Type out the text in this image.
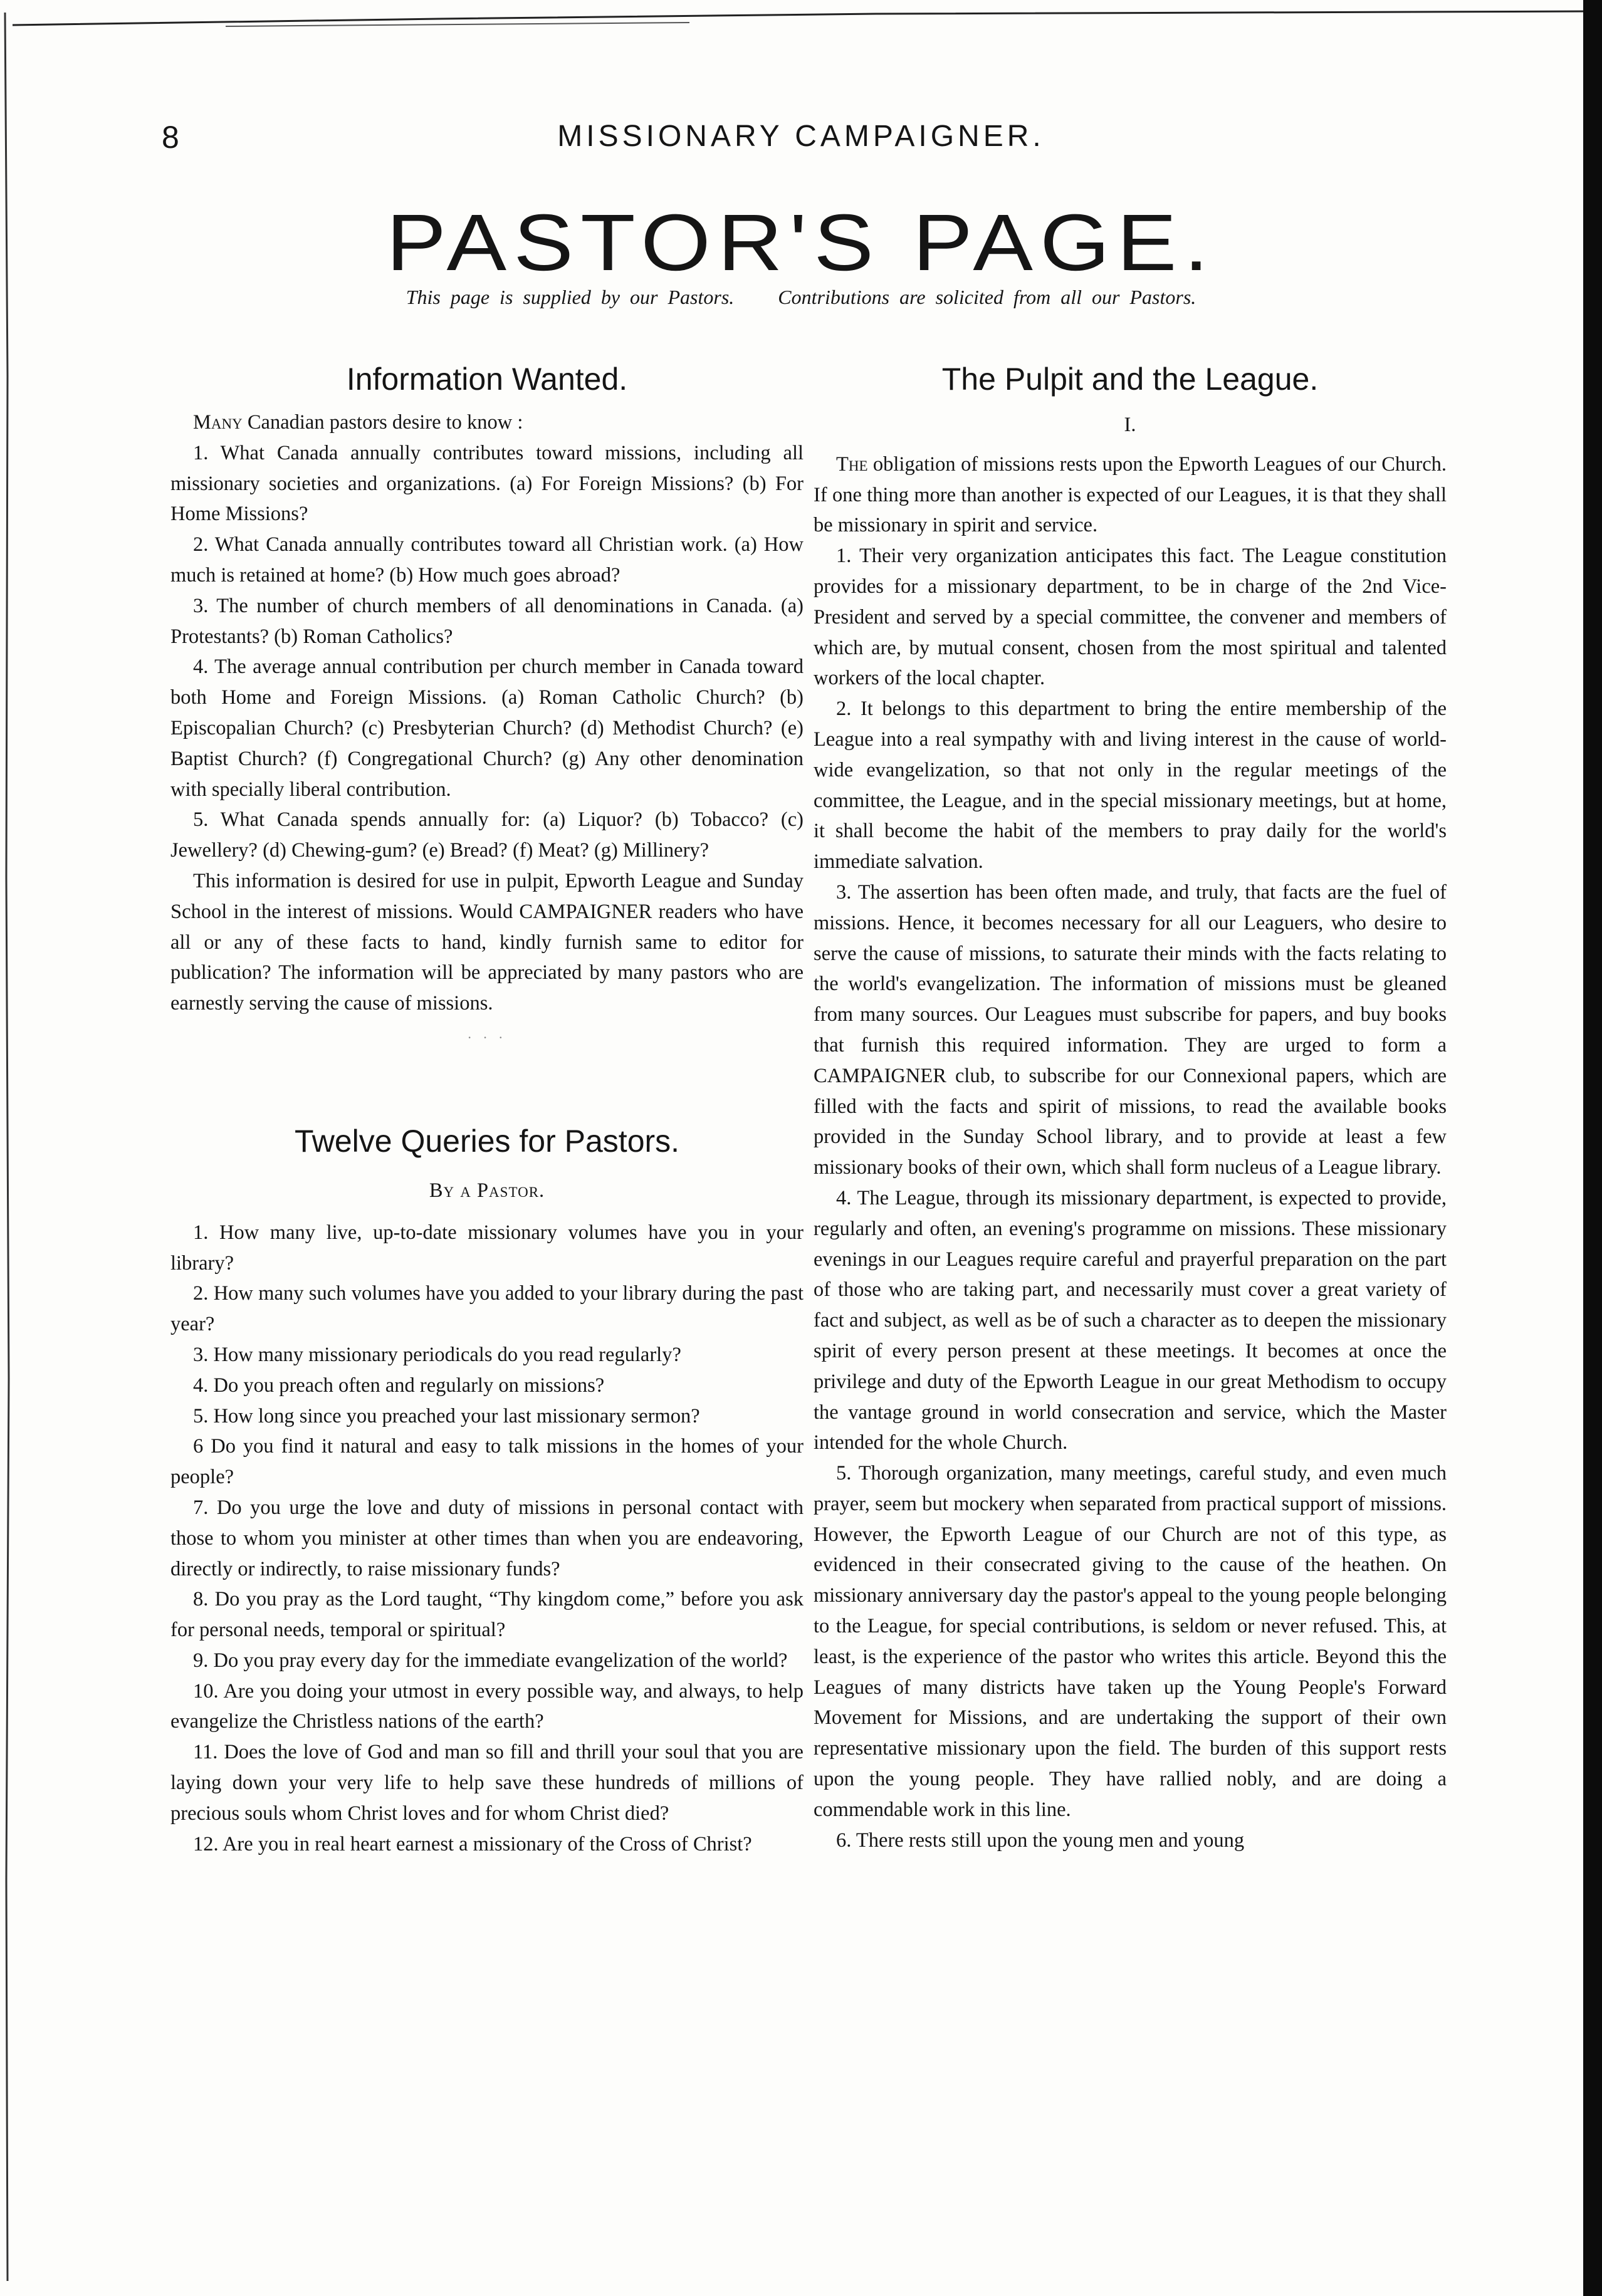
8	MISSIONARY CAMPAIGNER.
PASTOR'S PAGE.
This page is supplied by our Pastors. Contributions are solicited from all our Pastors.
Information Wanted.

Many Canadian pastors desire to know :

1. What Canada annually contributes toward missions, including all missionary societies and organizations. (a) For Foreign Missions? (b) For Home Missions?

2. What Canada annually contributes toward all Christian work. (a) How much is retained at home? (b) How much goes abroad?

3. The number of church members of all denominations in Canada. (a) Protestants? (b) Roman Catholics?

4. The average annual contribution per church member in Canada toward both Home and Foreign Missions. (a) Roman Catholic Church? (b) Episcopalian Church? (c) Presbyterian Church? (d) Methodist Church? (e) Baptist Church? (f) Congregational Church? (g) Any other denomination with specially liberal contribution.

5. What Canada spends annually for: (a) Liquor? (b) Tobacco? (c) Jewellery? (d) Chewing-gum? (e) Bread? (f) Meat? (g) Millinery?

This information is desired for use in pulpit, Epworth League and Sunday School in the interest of missions. Would CAMPAIGNER readers who have all or any of these facts to hand, kindly furnish same to editor for publication? The information will be appreciated by many pastors who are earnestly serving the cause of missions.

· · ·
Twelve Queries for Pastors.

By a Pastor.

1. How many live, up-to-date missionary volumes have you in your library?

2. How many such volumes have you added to your library during the past year?

3. How many missionary periodicals do you read regularly?

4. Do you preach often and regularly on missions?

5. How long since you preached your last missionary sermon?

6 Do you find it natural and easy to talk missions in the homes of your people?

7. Do you urge the love and duty of missions in personal contact with those to whom you minister at other times than when you are endeavoring, directly or indirectly, to raise missionary funds?

8. Do you pray as the Lord taught, “Thy kingdom come,” before you ask for personal needs, temporal or spiritual?

9. Do you pray every day for the immediate evangelization of the world?

10. Are you doing your utmost in every possible way, and always, to help evangelize the Christless nations of the earth?

11. Does the love of God and man so fill and thrill your soul that you are laying down your very life to help save these hundreds of millions of precious souls whom Christ loves and for whom Christ died?

12. Are you in real heart earnest a missionary of the Cross of Christ?

The Pulpit and the League.

I.

The obligation of missions rests upon the Epworth Leagues of our Church. If one thing more than another is expected of our Leagues, it is that they shall be missionary in spirit and service.

1. Their very organization anticipates this fact. The League constitution provides for a missionary department, to be in charge of the 2nd Vice-President and served by a special committee, the convener and members of which are, by mutual consent, chosen from the most spiritual and talented workers of the local chapter.

2. It belongs to this department to bring the entire membership of the League into a real sympathy with and living interest in the cause of world-wide evangelization, so that not only in the regular meetings of the committee, the League, and in the special missionary meetings, but at home, it shall become the habit of the members to pray daily for the world's immediate salvation.

3. The assertion has been often made, and truly, that facts are the fuel of missions. Hence, it becomes necessary for all our Leaguers, who desire to serve the cause of missions, to saturate their minds with the facts relating to the world's evangelization. The information of missions must be gleaned from many sources. Our Leagues must subscribe for papers, and buy books that furnish this required information. They are urged to form a CAMPAIGNER club, to subscribe for our Connexional papers, which are filled with the facts and spirit of missions, to read the available books provided in the Sunday School library, and to provide at least a few missionary books of their own, which shall form nucleus of a League library.

4. The League, through its missionary department, is expected to provide, regularly and often, an evening's programme on missions. These missionary evenings in our Leagues require careful and prayerful preparation on the part of those who are taking part, and necessarily must cover a great variety of fact and subject, as well as be of such a character as to deepen the missionary spirit of every person present at these meetings. It becomes at once the privilege and duty of the Epworth League in our great Methodism to occupy the vantage ground in world consecration and service, which the Master intended for the whole Church.

5. Thorough organization, many meetings, careful study, and even much prayer, seem but mockery when separated from practical support of missions. However, the Epworth League of our Church are not of this type, as evidenced in their consecrated giving to the cause of the heathen. On missionary anniversary day the pastor's appeal to the young people belonging to the League, for special contributions, is seldom or never refused. This, at least, is the experience of the pastor who writes this article. Beyond this the Leagues of many districts have taken up the Young People's Forward Movement for Missions, and are undertaking the support of their own representative missionary upon the field. The burden of this support rests upon the young people. They have rallied nobly, and are doing a commendable work in this line.

6. There rests still upon the young men and young
